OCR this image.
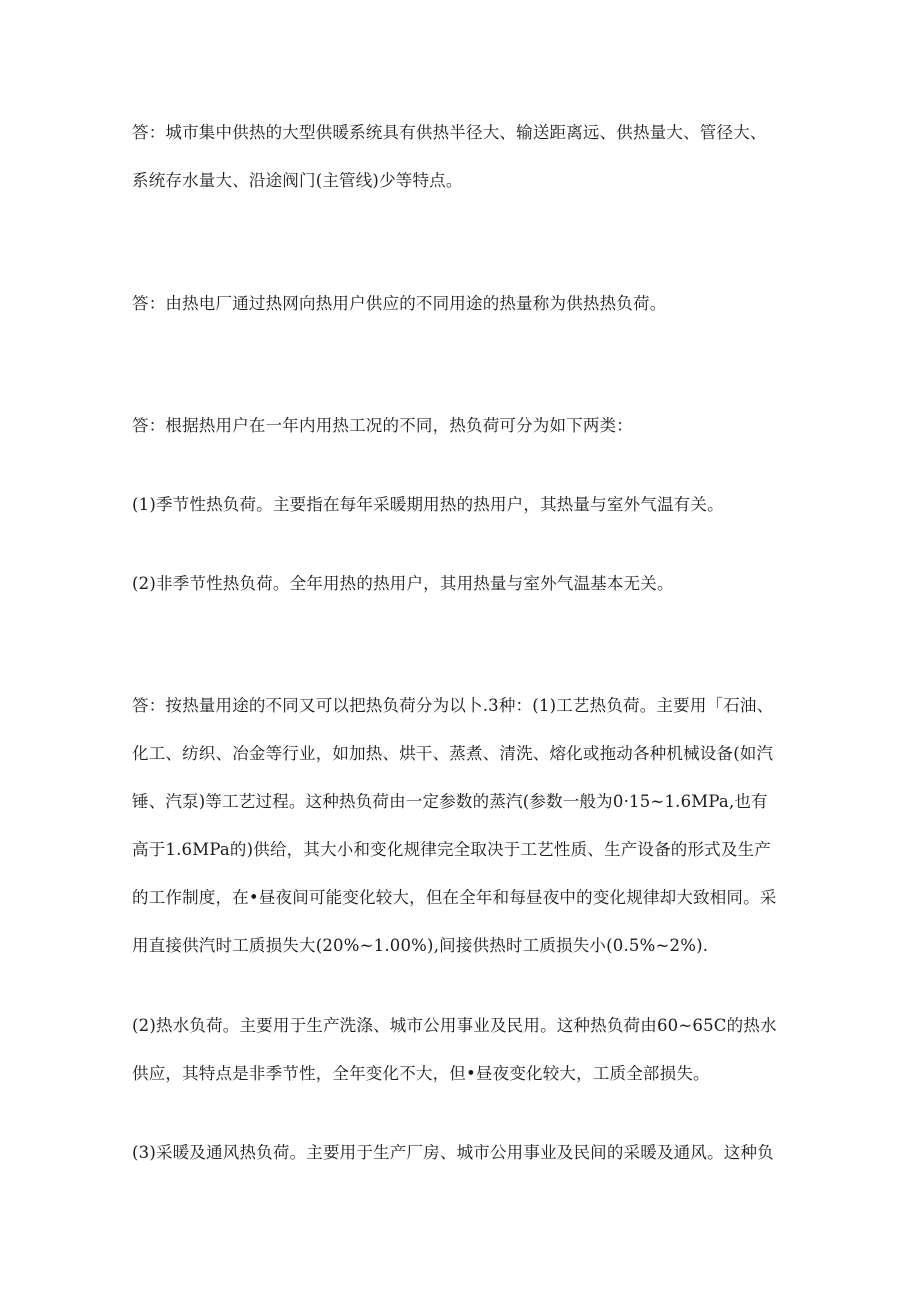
答：城市集中供热的大型供暖系统具有供热半径大、输送距离远、供热量大、管径大、
系统存水量大、沿途阀门(主管线)少等特点。
答：由热电厂通过热网向热用户供应的不同用途的热量称为供热热负荷。
答：根据热用户在一年内用热工况的不同，热负荷可分为如下两类：
(1)季节性热负荷。主要指在每年采暖期用热的热用户，其热量与室外气温有关。
(2)非季节性热负荷。全年用热的热用户，其用热量与室外气温基本无关。
答：按热量用途的不同又可以把热负荷分为以卜.3种：(1)工艺热负荷。主要用「石油、
化工、纺织、冶金等行业，如加热、烘干、蒸煮、清洗、熔化或拖动各种机械设备(如汽
锤、汽泵)等工艺过程。这种热负荷由一定参数的蒸汽(参数一般为0·15~1.6MPa,也有
高于1.6MPa的)供给，其大小和变化规律完全取决于工艺性质、生产设备的形式及生产
的工作制度，在•昼夜间可能变化较大，但在全年和每昼夜中的变化规律却大致相同。采
用直接供汽时工质损失大(20%~1.00%),间接供热时工质损失小(0.5%~2%).
(2)热水负荷。主要用于生产洗涤、城市公用事业及民用。这种热负荷由60~65C的热水
供应，其特点是非季节性，全年变化不大，但•昼夜变化较大，工质全部损失。
(3)采暖及通风热负荷。主要用于生产厂房、城市公用事业及民间的采暖及通风。这种负
